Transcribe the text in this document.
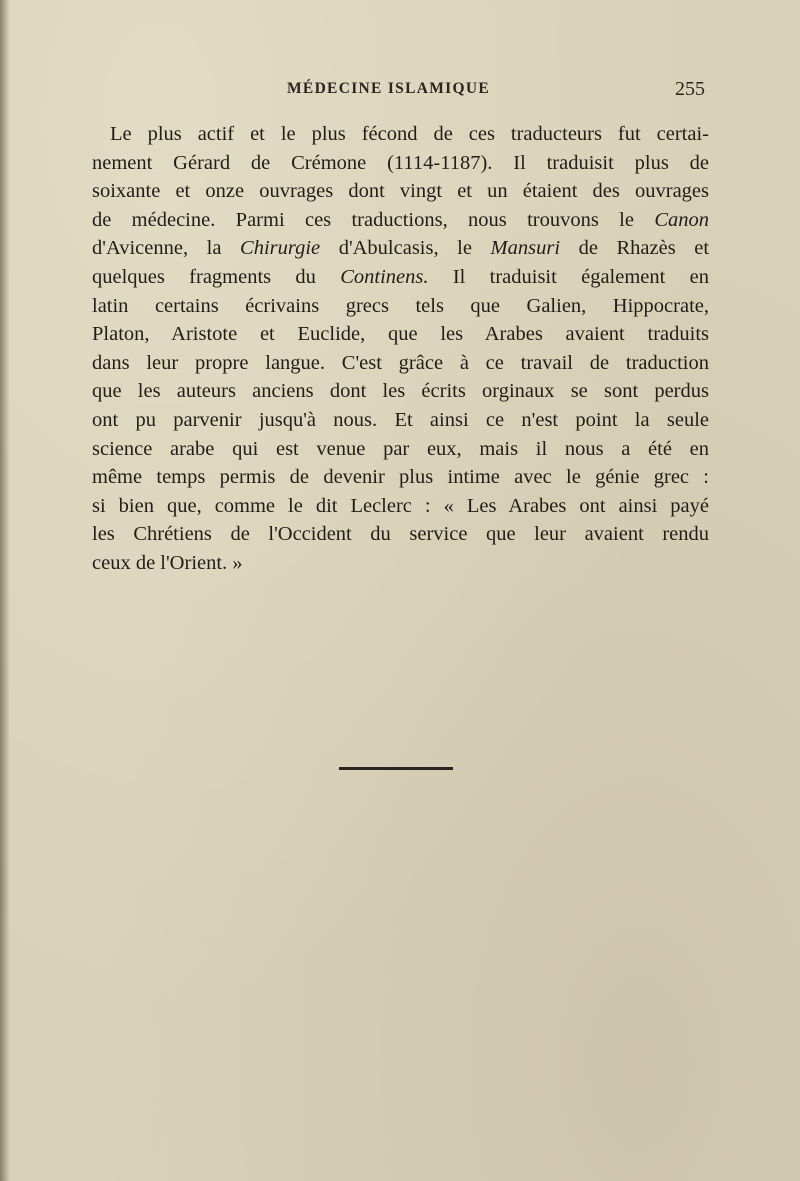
MÉDECINE ISLAMIQUE	255
Le plus actif et le plus fécond de ces traducteurs fut certai-
nement Gérard de Crémone (1114-1187). Il traduisit plus de
soixante et onze ouvrages dont vingt et un étaient des ouvrages
de médecine. Parmi ces traductions, nous trouvons le Canon
d'Avicenne, la Chirurgie d'Abulcasis, le Mansuri de Rhazès et
quelques fragments du Continens. Il traduisit également en
latin certains écrivains grecs tels que Galien, Hippocrate,
Platon, Aristote et Euclide, que les Arabes avaient traduits
dans leur propre langue. C'est grâce à ce travail de traduction
que les auteurs anciens dont les écrits orginaux se sont perdus
ont pu parvenir jusqu'à nous. Et ainsi ce n'est point la seule
science arabe qui est venue par eux, mais il nous a été en
même temps permis de devenir plus intime avec le génie grec :
si bien que, comme le dit Leclerc : « Les Arabes ont ainsi payé
les Chrétiens de l'Occident du service que leur avaient rendu
ceux de l'Orient. »
